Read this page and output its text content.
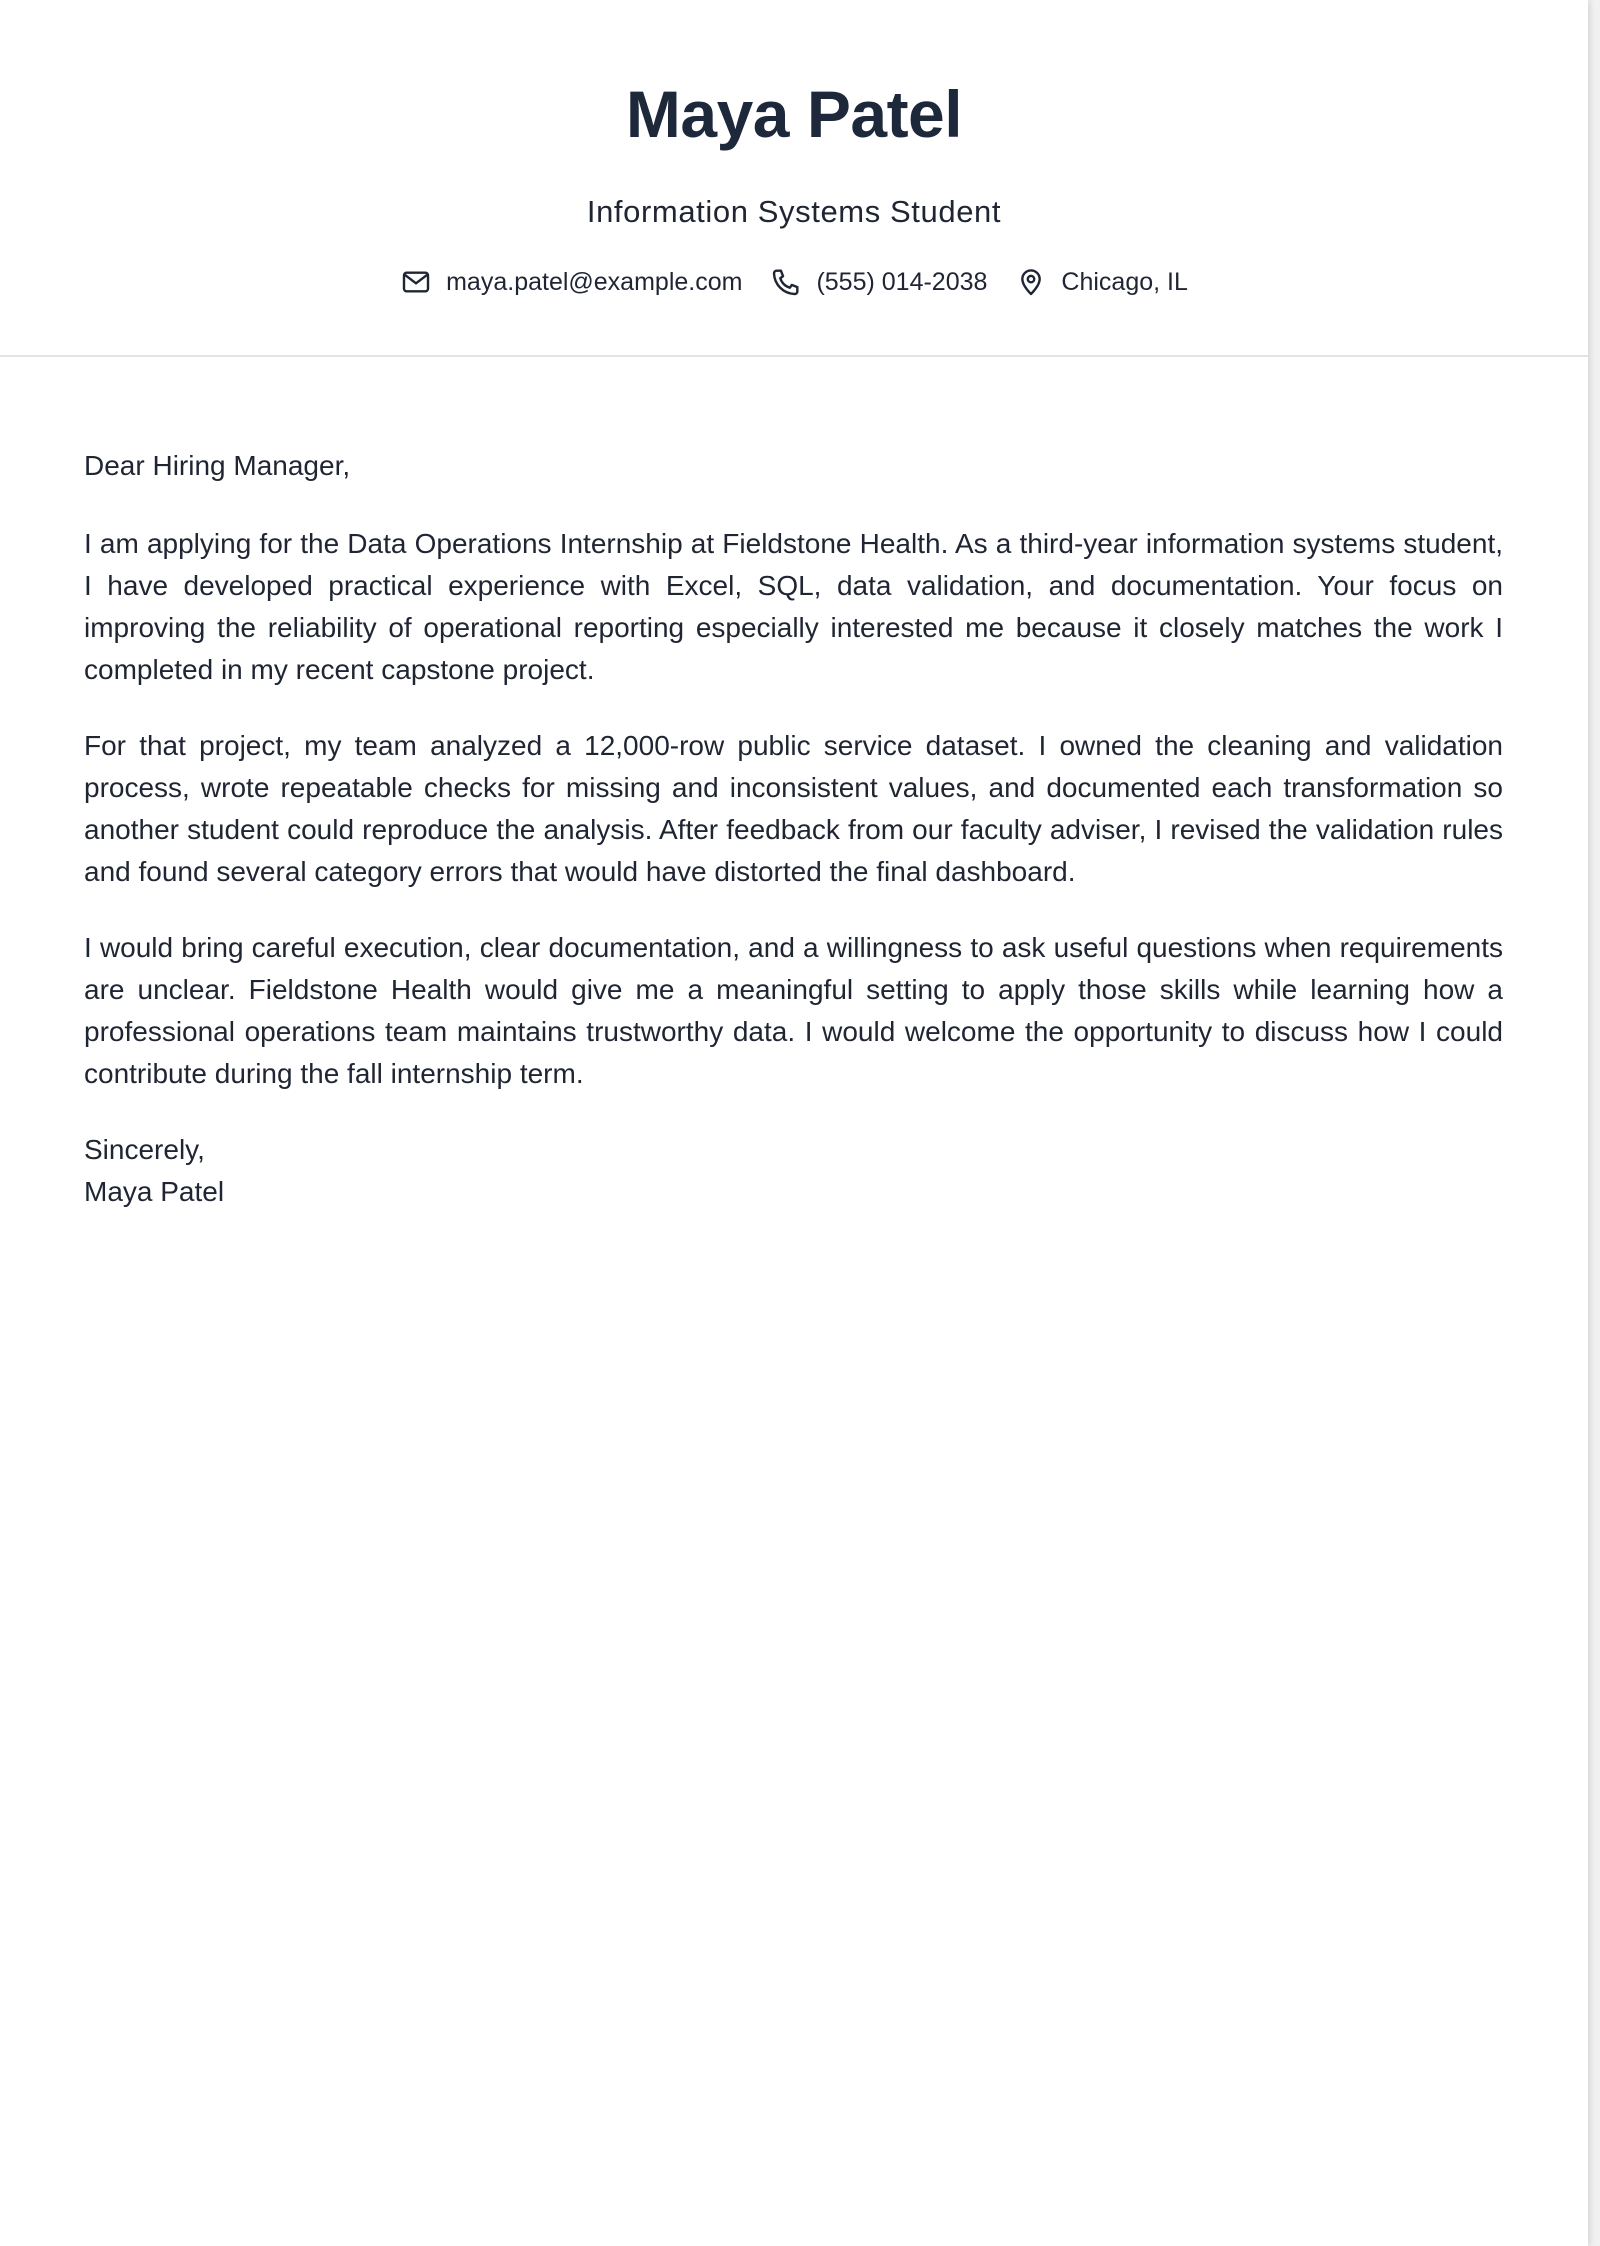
Maya Patel
Information Systems Student
maya.patel@example.com	(555) 014-2038	Chicago, IL

Dear Hiring Manager,

I am applying for the Data Operations Internship at Fieldstone Health. As a third-year information systems student, I have developed practical experience with Excel, SQL, data validation, and documentation. Your focus on improving the reliability of operational reporting especially interested me because it closely matches the work I completed in my recent capstone project.

For that project, my team analyzed a 12,000-row public service dataset. I owned the cleaning and validation process, wrote repeatable checks for missing and inconsistent values, and documented each transformation so another student could reproduce the analysis. After feedback from our faculty adviser, I revised the validation rules and found several category errors that would have distorted the final dashboard.

I would bring careful execution, clear documentation, and a willingness to ask useful questions when requirements are unclear. Fieldstone Health would give me a meaningful setting to apply those skills while learning how a professional operations team maintains trustworthy data. I would welcome the opportunity to discuss how I could contribute during the fall internship term.

Sincerely,

Maya Patel
